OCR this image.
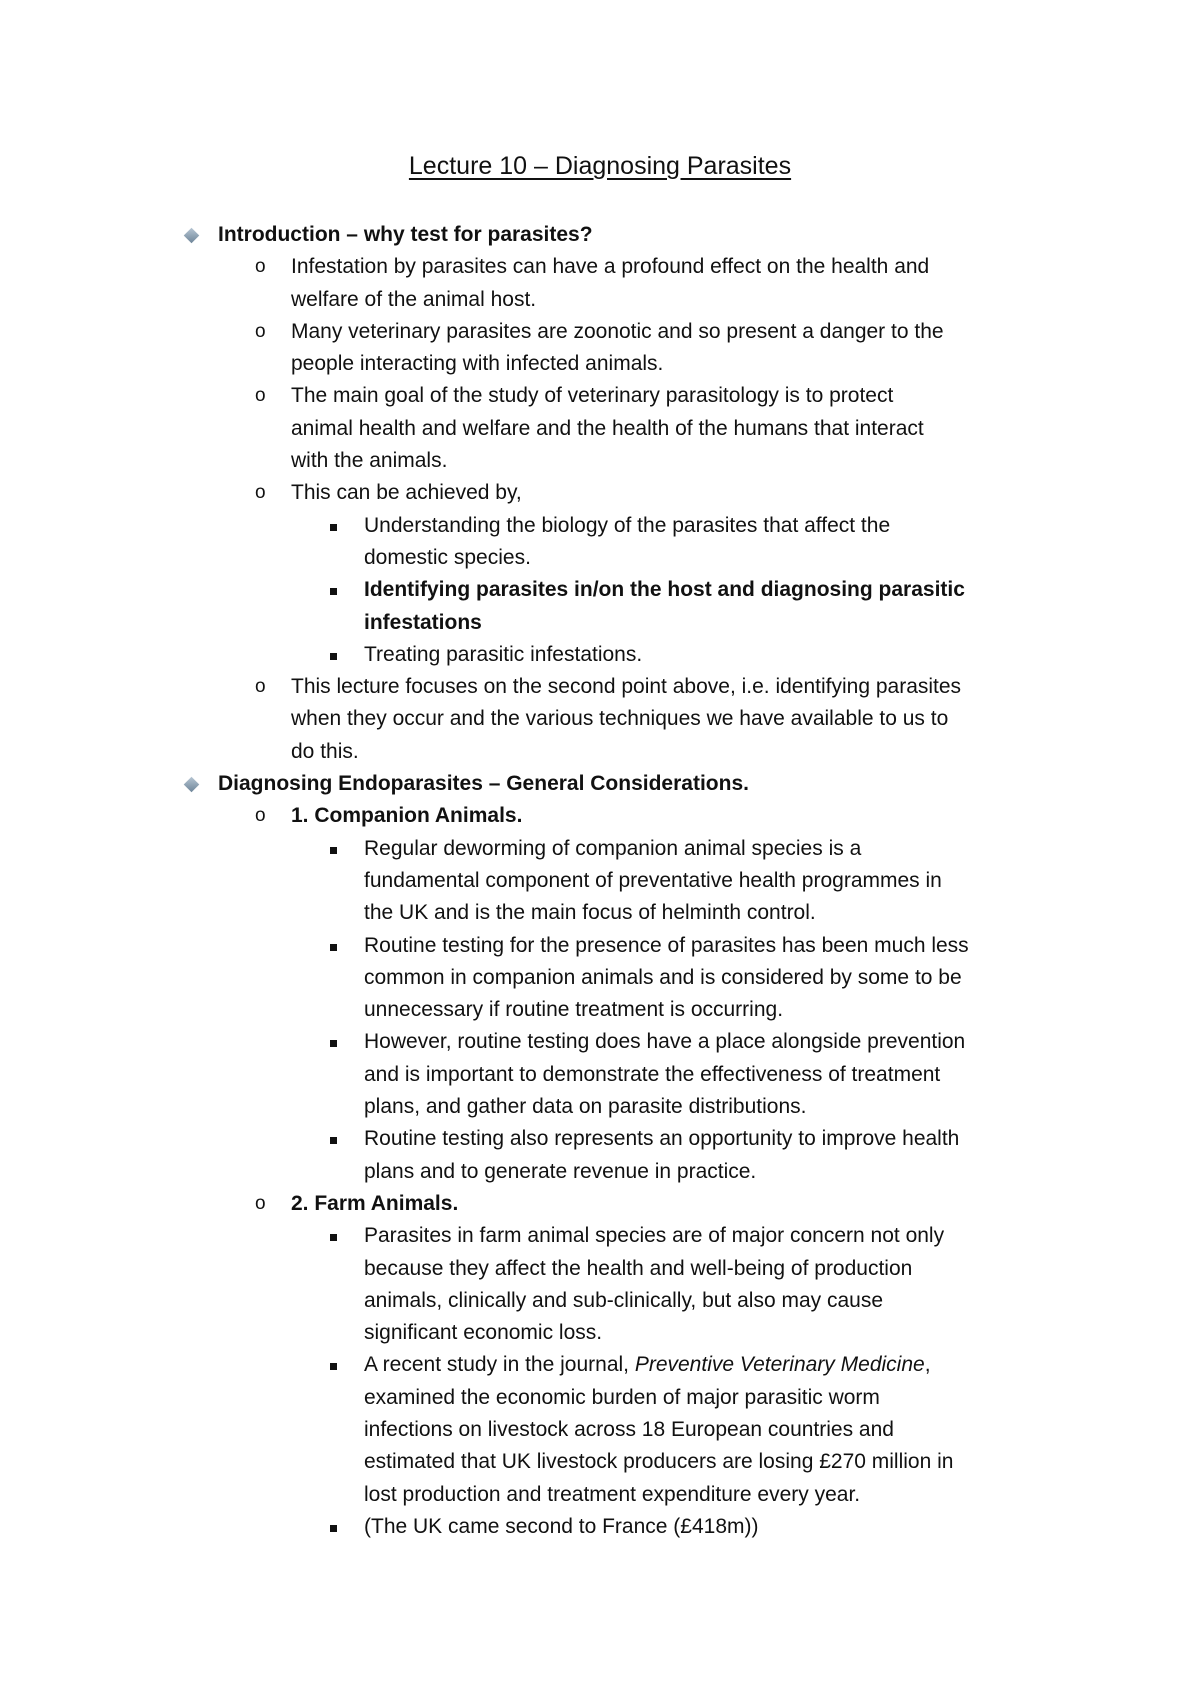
Lecture 10 – Diagnosing Parasites
Introduction – why test for parasites?
o Infestation by parasites can have a profound effect on the health and
welfare of the animal host.
o Many veterinary parasites are zoonotic and so present a danger to the
people interacting with infected animals.
o The main goal of the study of veterinary parasitology is to protect
animal health and welfare and the health of the humans that interact
with the animals.
o This can be achieved by,
Understanding the biology of the parasites that affect the
domestic species.
Identifying parasites in/on the host and diagnosing parasitic
infestations
Treating parasitic infestations.
o This lecture focuses on the second point above, i.e. identifying parasites
when they occur and the various techniques we have available to us to
do this.
Diagnosing Endoparasites – General Considerations.
o 1. Companion Animals.
Regular deworming of companion animal species is a
fundamental component of preventative health programmes in
the UK and is the main focus of helminth control.
Routine testing for the presence of parasites has been much less
common in companion animals and is considered by some to be
unnecessary if routine treatment is occurring.
However, routine testing does have a place alongside prevention
and is important to demonstrate the effectiveness of treatment
plans, and gather data on parasite distributions.
Routine testing also represents an opportunity to improve health
plans and to generate revenue in practice.
o 2. Farm Animals.
Parasites in farm animal species are of major concern not only
because they affect the health and well-being of production
animals, clinically and sub-clinically, but also may cause
significant economic loss.
A recent study in the journal, Preventive Veterinary Medicine,
examined the economic burden of major parasitic worm
infections on livestock across 18 European countries and
estimated that UK livestock producers are losing £270 million in
lost production and treatment expenditure every year.
(The UK came second to France (£418m))
